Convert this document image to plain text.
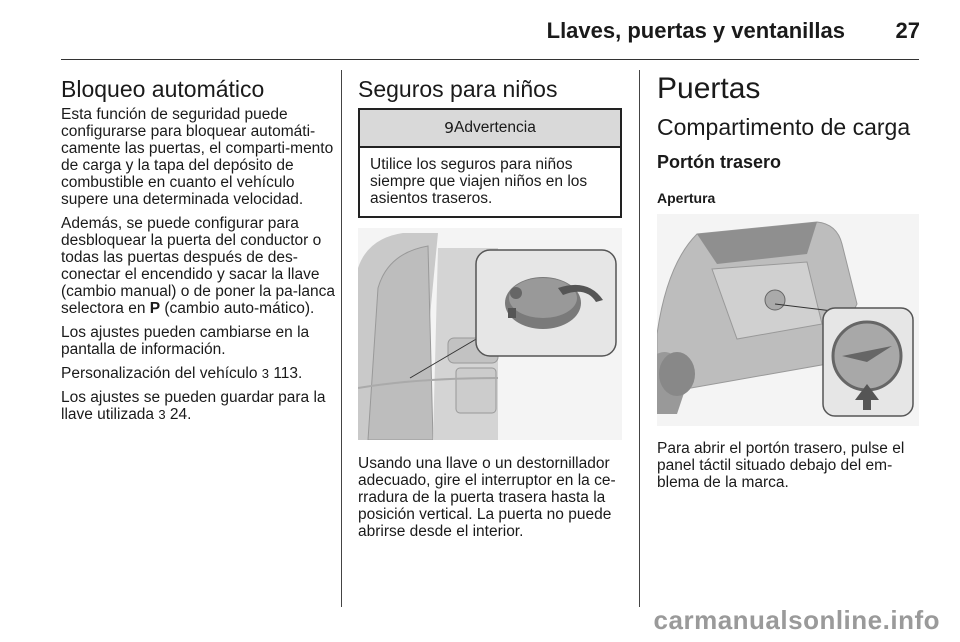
Llaves, puertas y ventanillas 27
Bloqueo automático

Esta función de seguridad puede configurarse para bloquear automáti-camente las puertas, el comparti-mento de carga y la tapa del depósito de combustible en cuanto el vehículo supere una determinada velocidad.

Además, se puede configurar para desbloquear la puerta del conductor o todas las puertas después de des-conectar el encendido y sacar la llave (cambio manual) o de poner la pa-lanca selectora en P (cambio auto-mático).

Los ajustes pueden cambiarse en la pantalla de información.

Personalización del vehículo 3 113.

Los ajustes se pueden guardar para la llave utilizada 3 24.

Seguros para niños
9 Advertencia
Utilice los seguros para niños siempre que viajen niños en los asientos traseros.
Usando una llave o un destornillador adecuado, gire el interruptor en la ce-rradura de la puerta trasera hasta la posición vertical. La puerta no puede abrirse desde el interior.
Puertas
Compartimento de carga
Portón trasero
Apertura
Para abrir el portón trasero, pulse el panel táctil situado debajo del em-blema de la marca.
carmanualsonline.info
